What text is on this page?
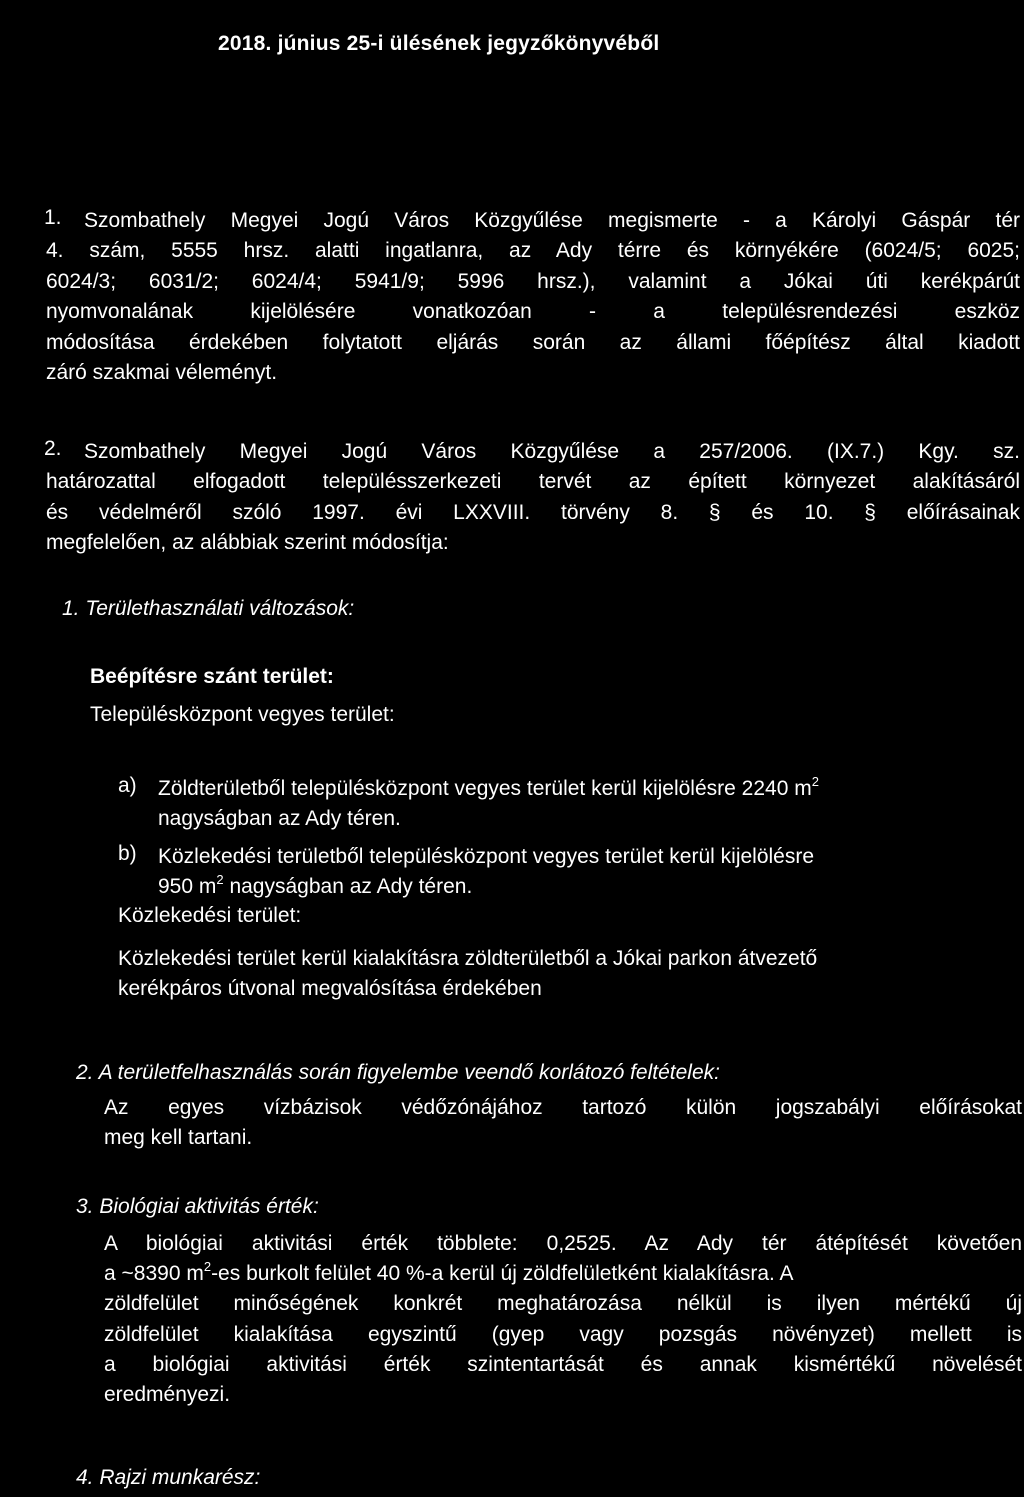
2018. június 25-i ülésének jegyzőkönyvéből
1. Szombathely Megyei Jogú Város Közgyűlése megismerte - a Károlyi Gáspár tér
4. szám, 5555 hrsz. alatti ingatlanra, az Ady térre és környékére (6024/5; 6025;
6024/3; 6031/2; 6024/4; 5941/9; 5996 hrsz.), valamint a Jókai úti kerékpárút
nyomvonalának kijelölésére vonatkozóan - a településrendezési eszköz
módosítása érdekében folytatott eljárás során az állami főépítész által kiadott
záró szakmai véleményt.
2. Szombathely Megyei Jogú Város Közgyűlése a 257/2006. (IX.7.) Kgy. sz.
határozattal elfogadott településszerkezeti tervét az épített környezet alakításáról
és védelméről szóló 1997. évi LXXVIII. törvény 8. § és 10. § előírásainak
megfelelően, az alábbiak szerint módosítja:
1. Területhasználati változások:
Beépítésre szánt terület:
Településközpont vegyes terület:
a) Zöldterületből településközpont vegyes terület kerül kijelölésre 2240 $m^2$
nagyságban az Ady téren.
b) Közlekedési területből településközpont vegyes terület kerül kijelölésre
950 $m^2$ nagyságban az Ady téren.
Közlekedési terület:
Közlekedési terület kerül kialakításra zöldterületből a Jókai parkon átvezető
kerékpáros útvonal megvalósítása érdekében
2. A területfelhasználás során figyelembe veendő korlátozó feltételek:
Az egyes vízbázisok védőzónájához tartozó külön jogszabályi előírásokat
meg kell tartani.
3. Biológiai aktivitás érték:
A biológiai aktivitási érték többlete: 0,2525. Az Ady tér átépítését követően
a ~8390 $m^2-es$ burkolt felület 40 %-a kerül új zöldfelületként kialakításra. A
zöldfelület minőségének konkrét meghatározása nélkül is ilyen mértékű új
zöldfelület kialakítása egyszintű (gyep vagy pozsgás növényzet) mellett is
a biológiai aktivitási érték szintentartását és annak kismértékű növelését
eredményezi.
4. Rajzi munkarész:
